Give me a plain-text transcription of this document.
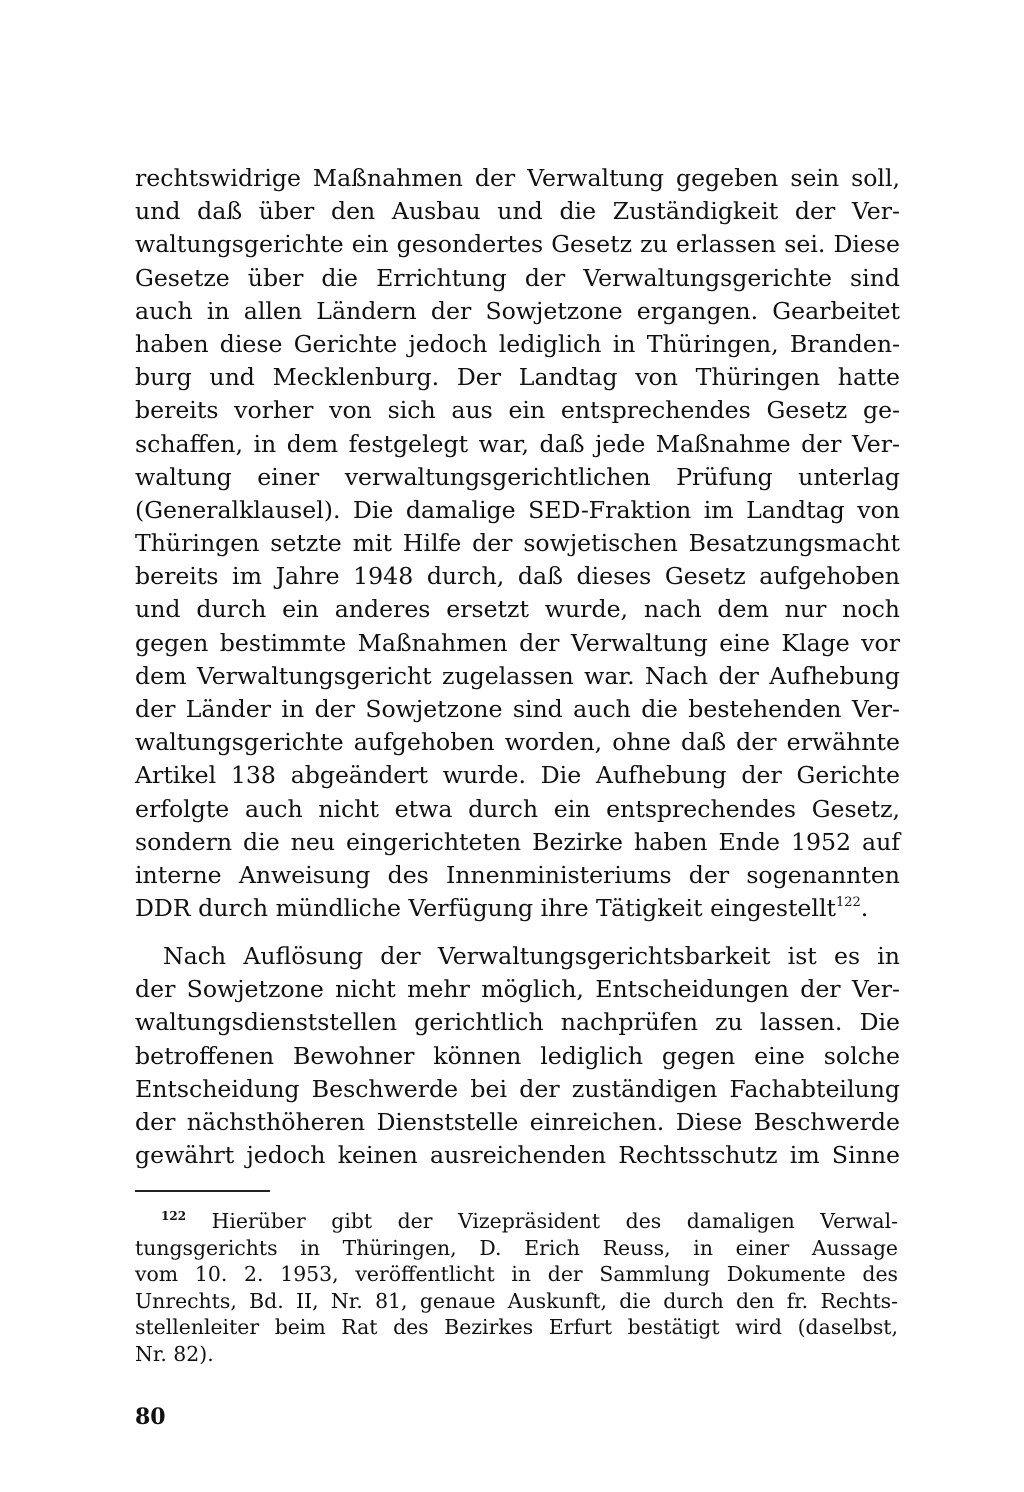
rechtswidrige Maßnahmen der Verwaltung gegeben sein soll,
und daß über den Ausbau und die Zuständigkeit der Ver-
waltungsgerichte ein gesondertes Gesetz zu erlassen sei. Diese
Gesetze über die Errichtung der Verwaltungsgerichte sind
auch in allen Ländern der Sowjetzone ergangen. Gearbeitet
haben diese Gerichte jedoch lediglich in Thüringen, Branden-
burg und Mecklenburg. Der Landtag von Thüringen hatte
bereits vorher von sich aus ein entsprechendes Gesetz ge-
schaffen, in dem festgelegt war, daß jede Maßnahme der Ver-
waltung einer verwaltungsgerichtlichen Prüfung unterlag
(Generalklausel). Die damalige SED-Fraktion im Landtag von
Thüringen setzte mit Hilfe der sowjetischen Besatzungsmacht
bereits im Jahre 1948 durch, daß dieses Gesetz aufgehoben
und durch ein anderes ersetzt wurde, nach dem nur noch
gegen bestimmte Maßnahmen der Verwaltung eine Klage vor
dem Verwaltungsgericht zugelassen war. Nach der Aufhebung
der Länder in der Sowjetzone sind auch die bestehenden Ver-
waltungsgerichte aufgehoben worden, ohne daß der erwähnte
Artikel 138 abgeändert wurde. Die Aufhebung der Gerichte
erfolgte auch nicht etwa durch ein entsprechendes Gesetz,
sondern die neu eingerichteten Bezirke haben Ende 1952 auf
interne Anweisung des Innenministeriums der sogenannten
DDR durch mündliche Verfügung ihre Tätigkeit eingestellt$^{122}$.
Nach Auflösung der Verwaltungsgerichtsbarkeit ist es in
der Sowjetzone nicht mehr möglich, Entscheidungen der Ver-
waltungsdienststellen gerichtlich nachprüfen zu lassen. Die
betroffenen Bewohner können lediglich gegen eine solche
Entscheidung Beschwerde bei der zuständigen Fachabteilung
der nächsthöheren Dienststelle einreichen. Diese Beschwerde
gewährt jedoch keinen ausreichenden Rechtsschutz im Sinne
$^{122}$ Hierüber gibt der Vizepräsident des damaligen Verwal-
tungsgerichts in Thüringen, D. Erich Reuss, in einer Aussage
vom 10. 2. 1953, veröffentlicht in der Sammlung Dokumente des
Unrechts, Bd. II, Nr. 81, genaue Auskunft, die durch den fr. Rechts-
stellenleiter beim Rat des Bezirkes Erfurt bestätigt wird (daselbst,
Nr. 82).
80
